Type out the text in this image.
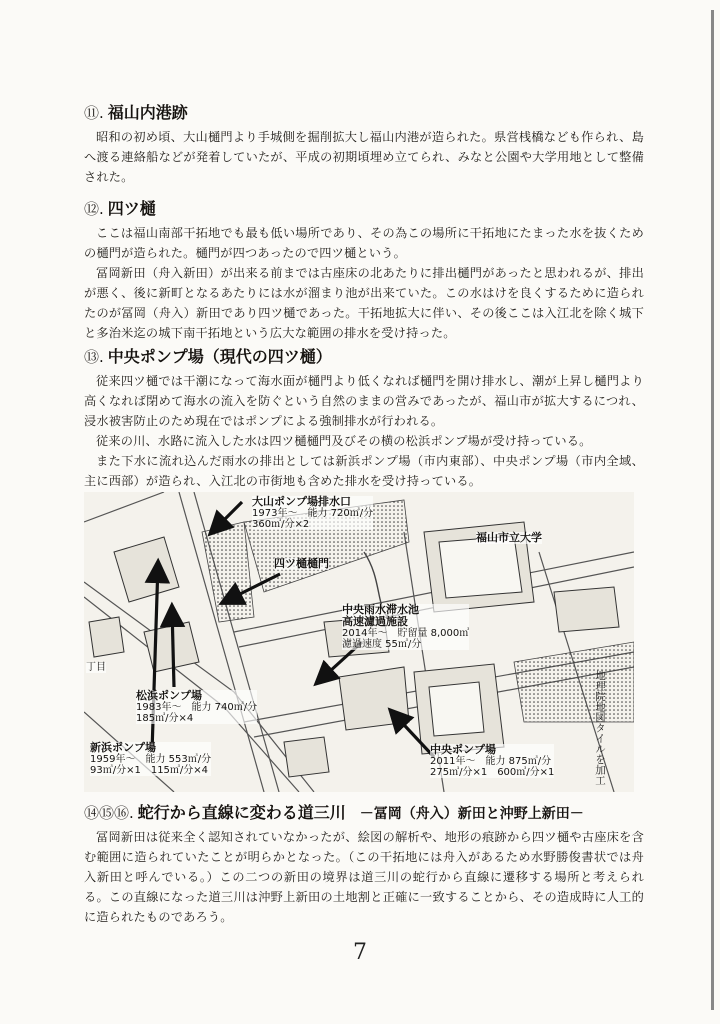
⑪. 福山内港跡

昭和の初め頃、大山樋門より手城側を掘削拡大し福山内港が造られた。県営桟橋なども作られ、島へ渡る連絡船などが発着していたが、平成の初期頃埋め立てられ、みなと公園や大学用地として整備された。

⑫. 四ツ樋

ここは福山南部干拓地でも最も低い場所であり、その為この場所に干拓地にたまった水を抜くための樋門が造られた。樋門が四つあったので四ツ樋という。

冨岡新田（舟入新田）が出来る前までは古座床の北あたりに排出樋門があったと思われるが、排出が悪く、後に新町となるあたりには水が溜まり池が出来ていた。この水はけを良くするために造られたのが冨岡（舟入）新田であり四ツ樋であった。干拓地拡大に伴い、その後ここは入江北を除く城下と多治米迄の城下南干拓地という広大な範囲の排水を受け持った。

⑬. 中央ポンプ場（現代の四ツ樋）

従来四ツ樋では干潮になって海水面が樋門より低くなれば樋門を開け排水し、潮が上昇し樋門より高くなれば閉めて海水の流入を防ぐという自然のままの営みであったが、福山市が拡大するにつれ、浸水被害防止のため現在ではポンプによる強制排水が行われる。

従来の川、水路に流入した水は四ツ樋樋門及びその横の松浜ポンプ場が受け持っている。

また下水に流れ込んだ雨水の排出としては新浜ポンプ場（市内東部）、中央ポンプ場（市内全域、主に西部）が造られ、入江北の市街地も含めた排水を受け持っている。

大山ポンプ場排水口
1973年～　能力 720㎥/分
360㎥/分×2
四ツ樋樋門
福山市立大学
中央雨水滞水池
高速濾過施設
2014年～　貯留量 8,000㎥
濾過速度 55㎥/分
丁目
松浜ポンプ場
1983年～　能力 740㎥/分
185㎥/分×4
新浜ポンプ場
1959年～　能力 553㎥/分
93㎥/分×1　115㎥/分×4
中央ポンプ場
2011年～　能力 875㎥/分
275㎥/分×1　600㎥/分×1	地理院地図タイルを加工
⑭⑮⑯. 蛇行から直線に変わる道三川 －冨岡（舟入）新田と沖野上新田－

冨岡新田は従来全く認知されていなかったが、絵図の解析や、地形の痕跡から四ツ樋や古座床を含む範囲に造られていたことが明らかとなった。（この干拓地には舟入があるため水野勝俊書状では舟入新田と呼んでいる。）この二つの新田の境界は道三川の蛇行から直線に遷移する場所と考えられる。この直線になった道三川は沖野上新田の土地割と正確に一致することから、その造成時に人工的に造られたものであろう。

7
